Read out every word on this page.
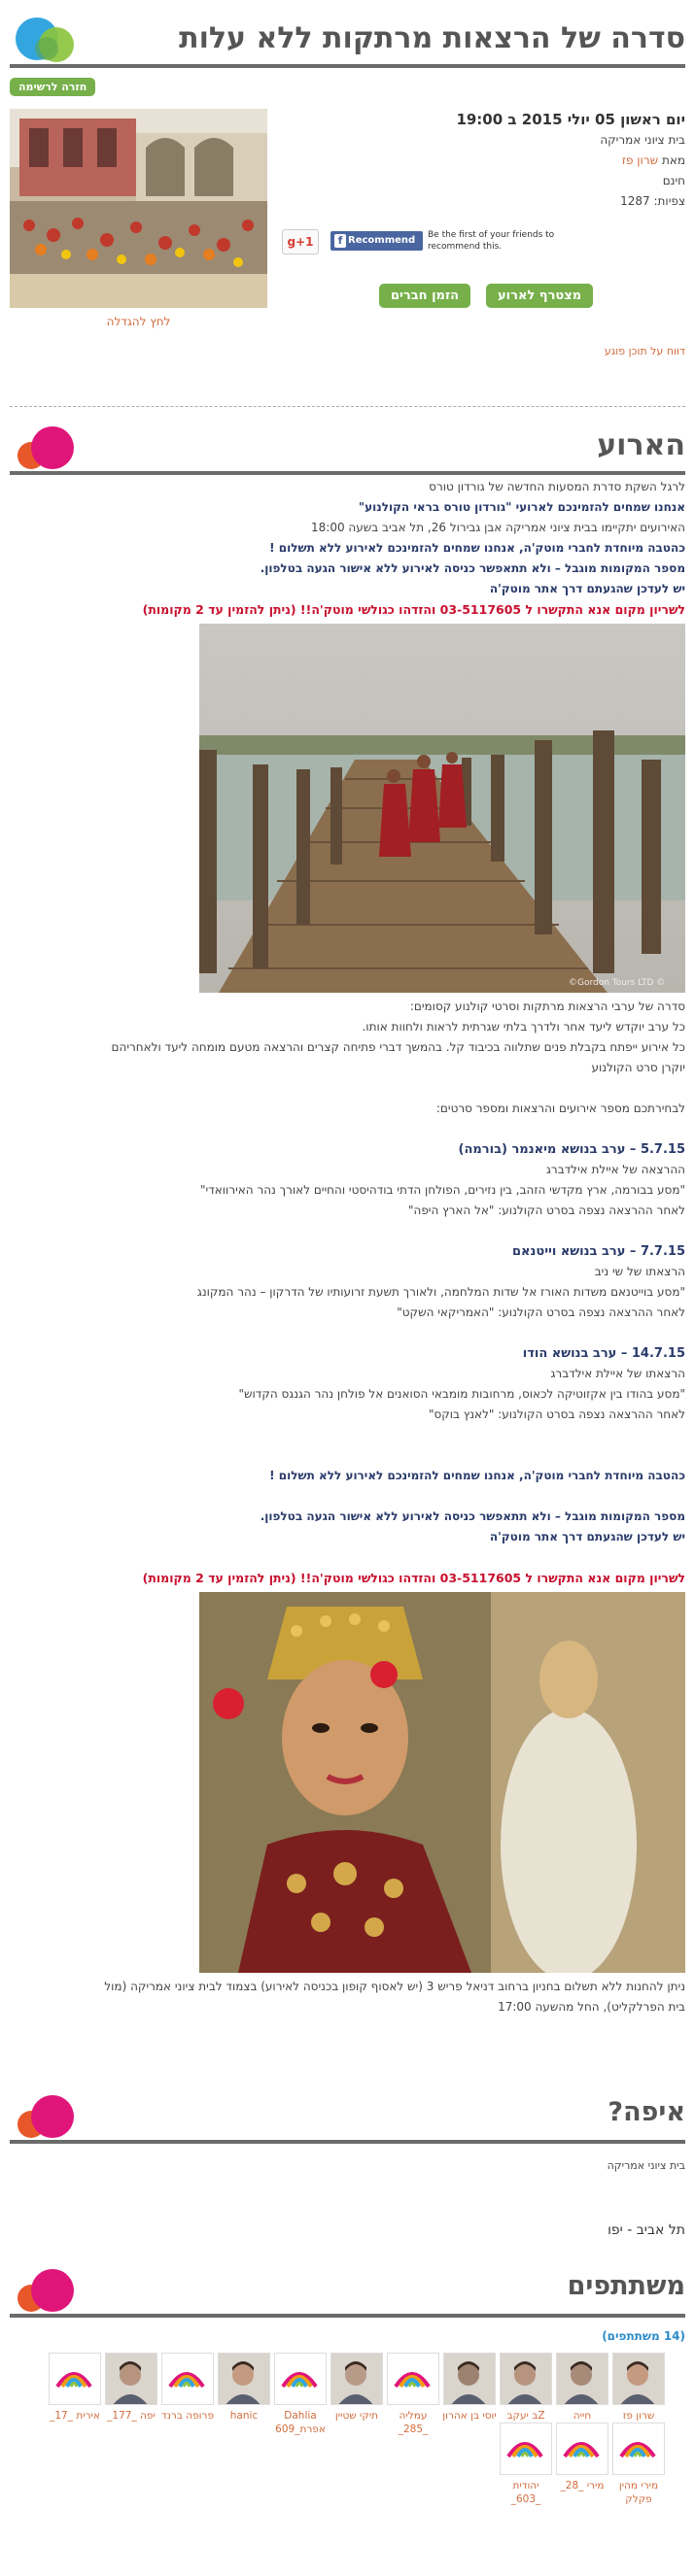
סדרה של הרצאות מרתקות ללא עלות
חזרה לרשימה
לחץ להגדלה
יום ראשון 05 יולי 2015 ב 19:00
בית ציוני אמריקה
מאת שרון פז
חינם
צפיות: 1287
g+1	f Recommend	Be the first of your friends to recommend this.
מצטרף לארוע
הזמן חברים
דווח על תוכן פוגע
הארוע
לרגל השקת סדרת המסעות החדשה של גורדון טורס
אנחנו שמחים להזמינכם לארועי "גורדון טורס בראי הקולנוע"
האירועים יתקיימו בבית ציוני אמריקה אבן גבירול 26, תל אביב בשעה 18:00
כהטבה מיוחדת לחברי מוטק'ה, אנחנו שמחים להזמינכם לאירוע ללא תשלום !
מספר המקומות מוגבל – ולא תתאפשר כניסה לאירוע ללא אישור הגעה בטלפון.
יש לעדכן שהגעתם דרך אתר מוטק'ה
לשריון מקום אנא התקשרו ל 03-5117605 והזדהו כגולשי מוטק'ה!! (ניתן להזמין עד 2 מקומות)
©Gordon Tours LTD ©
סדרה של ערבי הרצאות מרתקות וסרטי קולנוע קסומים:
כל ערב יוקדש ליעד אחר ולדרך בלתי שגרתית לראות ולחוות אותו.
כל אירוע ייפתח בקבלת פנים שתלווה בכיבוד קל. בהמשך דברי פתיחה קצרים והרצאה מטעם מומחה ליעד ולאחריהם
יוקרן סרט הקולנוע
לבחירתכם מספר אירועים והרצאות ומספר סרטים:
5.7.15 – ערב בנושא מיאנמר (בורמה)
ההרצאה של איילת אילדברג
"מסע בבורמה, ארץ מקדשי הזהב, בין נזירים, הפולחן הדתי בודהיסטי והחיים לאורך נהר האירוואדי"
לאחר ההרצאה נצפה בסרט הקולנוע: "אל הארץ היפה"
7.7.15 – ערב בנושא וייטנאם
הרצאתו של שי ניב
"מסע בוייטנאם משדות האורז אל שדות המלחמה, ולאורך תשעת זרועותיו של הדרקון – נהר המקונג
לאחר ההרצאה נצפה בסרט הקולנוע: "האמריקאי השקט"
14.7.15 – ערב בנושא הודו
הרצאתו של איילת אילדברג
"מסע בהודו בין אקזוטיקה לכאוס, מרחובות מומבאי הסואנים אל פולחן נהר הגנגס הקדוש"
לאחר ההרצאה נצפה בסרט הקולנוע: "לאנץ בוקס"
כהטבה מיוחדת לחברי מוטק'ה, אנחנו שמחים להזמינכם לאירוע ללא תשלום !
מספר המקומות מוגבל – ולא תתאפשר כניסה לאירוע ללא אישור הגעה בטלפון.
יש לעדכן שהגעתם דרך אתר מוטק'ה
לשריון מקום אנא התקשרו ל 03-5117605 והזדהו כגולשי מוטק'ה!! (ניתן להזמין עד 2 מקומות)
ניתן להחנות ללא תשלום בחניון ברחוב דניאל פריש 3 (יש לאסוף קופון בכניסה לאירוע) בצמוד לבית ציוני אמריקה (מול
בית הפרלקליט), החל מהשעה 17:00
איפה?
בית ציוני אמריקה
תל אביב - יפו
משתתפים
(14 משתתפים)
שרון פז
חייה
Zב יעקב
יוסי בן אהרון
עמליה _285_
תיקי שטיין
Dahlia אפרת_609
hanic
פרופה ברנד
יפה _177_
אירית _17_
מירי מהין פקלק
מירי _28_
יהודית _603_
